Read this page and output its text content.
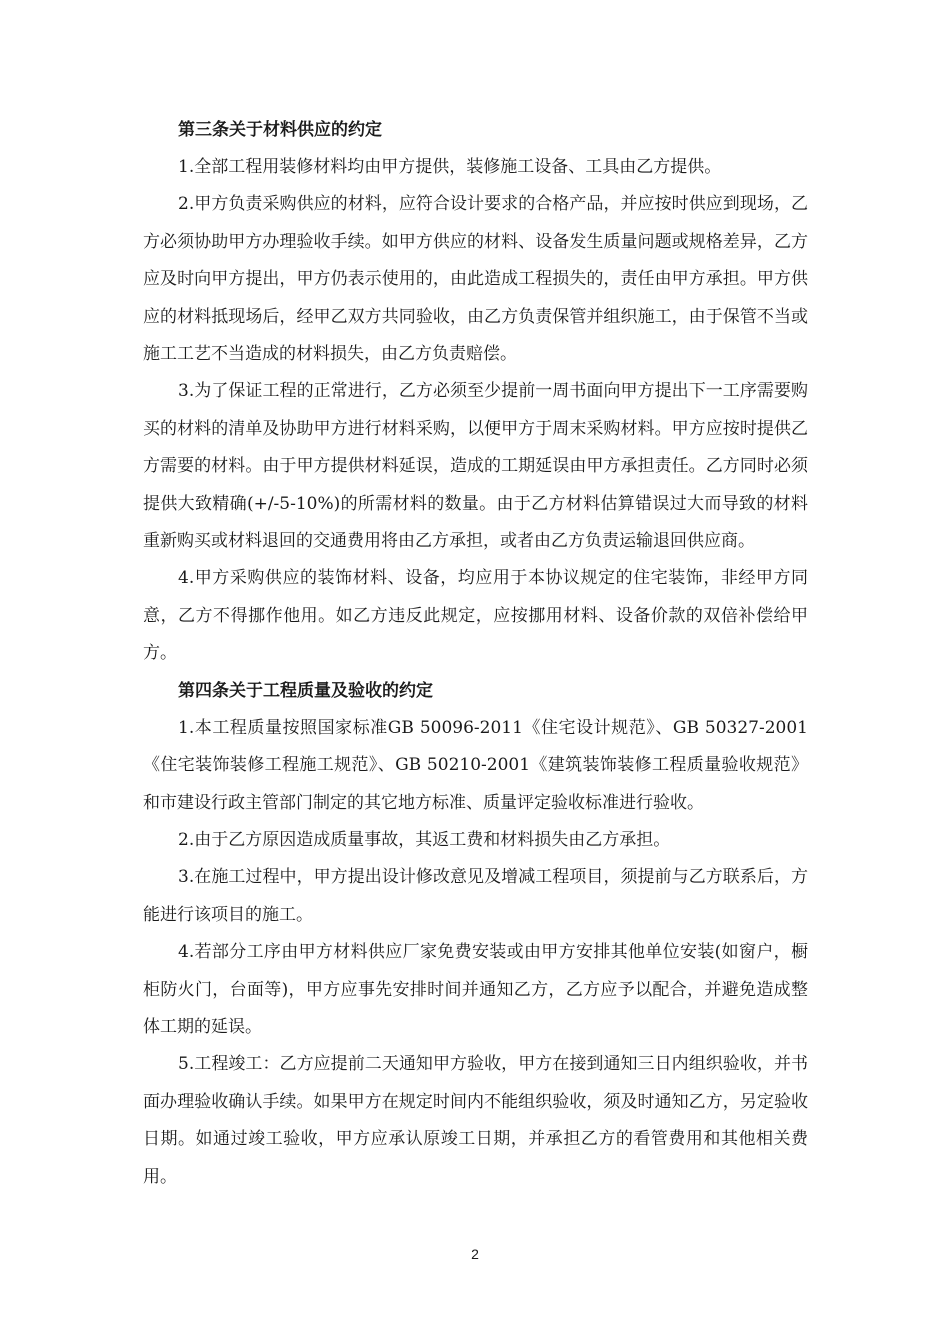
第三条关于材料供应的约定

1.全部工程用装修材料均由甲方提供，装修施工设备、工具由乙方提供。

2.甲方负责采购供应的材料，应符合设计要求的合格产品，并应按时供应到现场，乙方必须协助甲方办理验收手续。如甲方供应的材料、设备发生质量问题或规格差异，乙方应及时向甲方提出，甲方仍表示使用的，由此造成工程损失的，责任由甲方承担。甲方供应的材料抵现场后，经甲乙双方共同验收，由乙方负责保管并组织施工，由于保管不当或施工工艺不当造成的材料损失，由乙方负责赔偿。

3.为了保证工程的正常进行，乙方必须至少提前一周书面向甲方提出下一工序需要购买的材料的清单及协助甲方进行材料采购，以便甲方于周末采购材料。甲方应按时提供乙方需要的材料。由于甲方提供材料延误，造成的工期延误由甲方承担责任。乙方同时必须提供大致精确(+/-5-10%)的所需材料的数量。由于乙方材料估算错误过大而导致的材料重新购买或材料退回的交通费用将由乙方承担，或者由乙方负责运输退回供应商。

4.甲方采购供应的装饰材料、设备，均应用于本协议规定的住宅装饰，非经甲方同意，乙方不得挪作他用。如乙方违反此规定，应按挪用材料、设备价款的双倍补偿给甲方。

第四条关于工程质量及验收的约定

1.本工程质量按照国家标准GB 50096-2011《住宅设计规范》、GB 50327-2001《住宅装饰装修工程施工规范》、GB 50210-2001《建筑装饰装修工程质量验收规范》和市建设行政主管部门制定的其它地方标准、质量评定验收标准进行验收。

2.由于乙方原因造成质量事故，其返工费和材料损失由乙方承担。

3.在施工过程中，甲方提出设计修改意见及增减工程项目，须提前与乙方联系后，方能进行该项目的施工。

4.若部分工序由甲方材料供应厂家免费安装或由甲方安排其他单位安装(如窗户，橱柜防火门，台面等)，甲方应事先安排时间并通知乙方，乙方应予以配合，并避免造成整体工期的延误。

5.工程竣工：乙方应提前二天通知甲方验收，甲方在接到通知三日内组织验收，并书面办理验收确认手续。如果甲方在规定时间内不能组织验收，须及时通知乙方，另定验收日期。如通过竣工验收，甲方应承认原竣工日期，并承担乙方的看管费用和其他相关费用。

2
